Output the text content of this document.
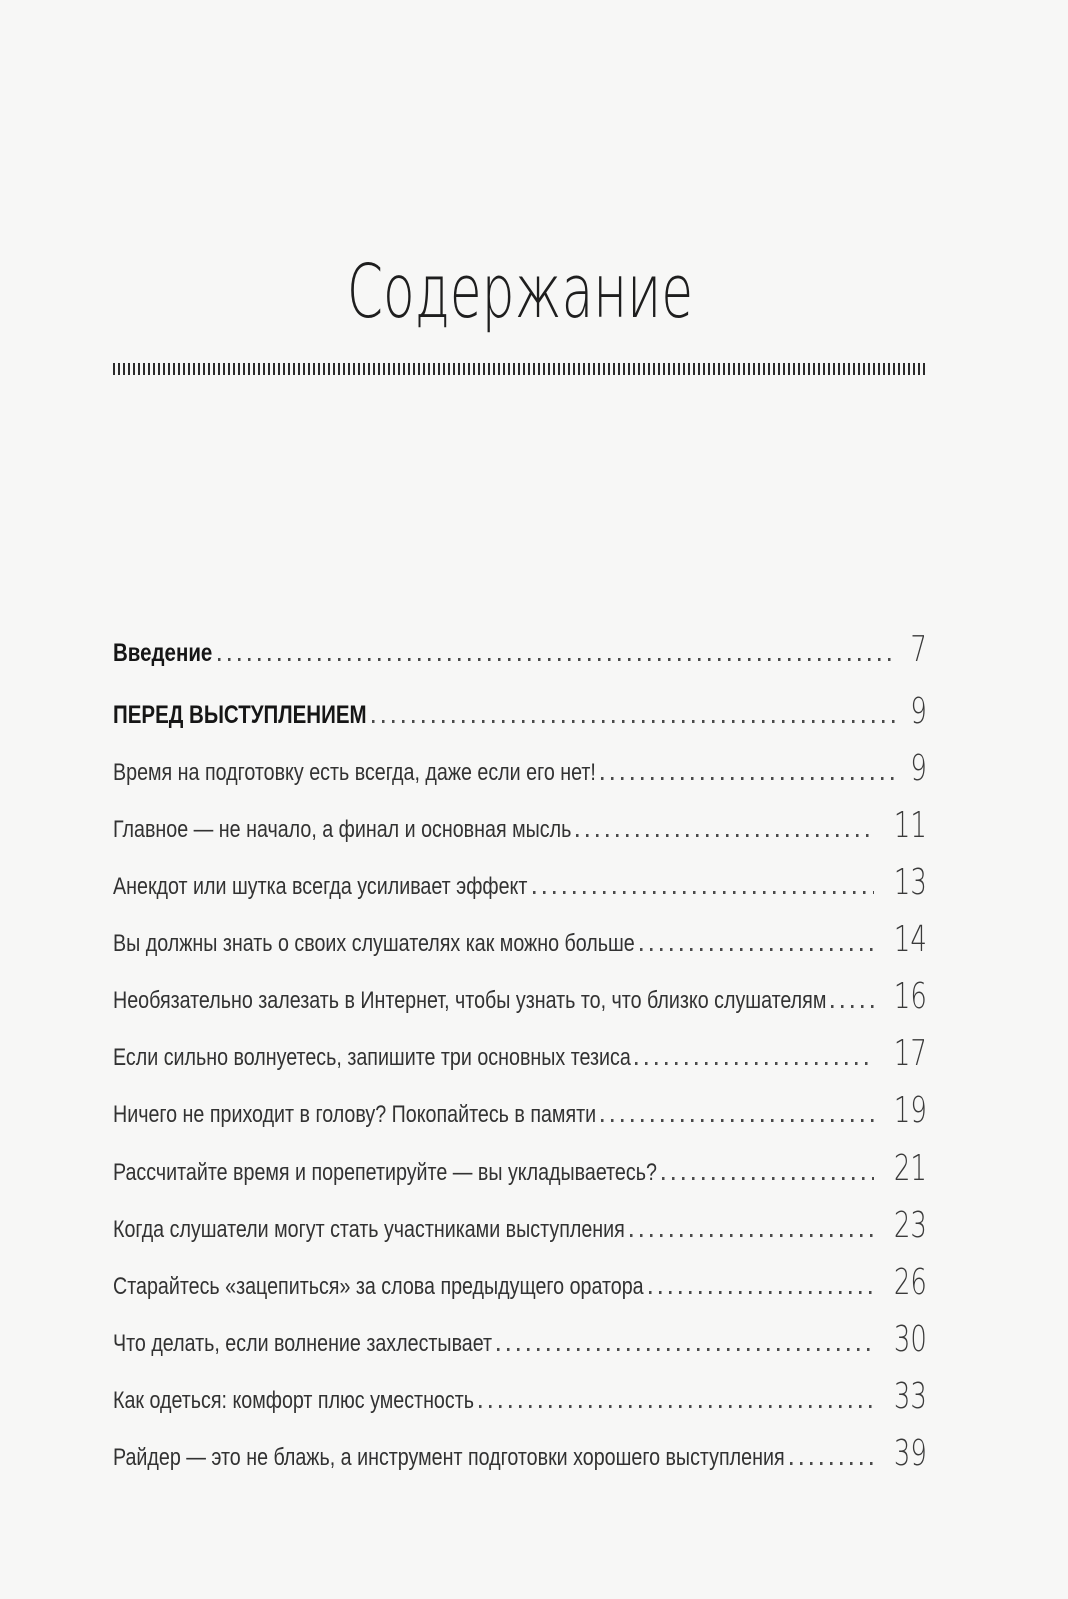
Содержание
Введение	7
ПЕРЕД ВЫСТУПЛЕНИЕМ	9
Время на подготовку есть всегда, даже если его нет!	9
Главное — не начало, а финал и основная мысль	11
Анекдот или шутка всегда усиливает эффект	13
Вы должны знать о своих слушателях как можно больше	14
Необязательно залезать в Интернет, чтобы узнать то, что близко слушателям 16
Если сильно волнуетесь, запишите три основных тезиса	17
Ничего не приходит в голову? Покопайтесь в памяти	19
Рассчитайте время и порепетируйте — вы укладываетесь?	21
Когда слушатели могут стать участниками выступления	23
Старайтесь «зацепиться» за слова предыдущего оратора	26
Что делать, если волнение захлестывает	30
Как одеться: комфорт плюс уместность	33
Райдер — это не блажь, а инструмент подготовки хорошего выступления	39
